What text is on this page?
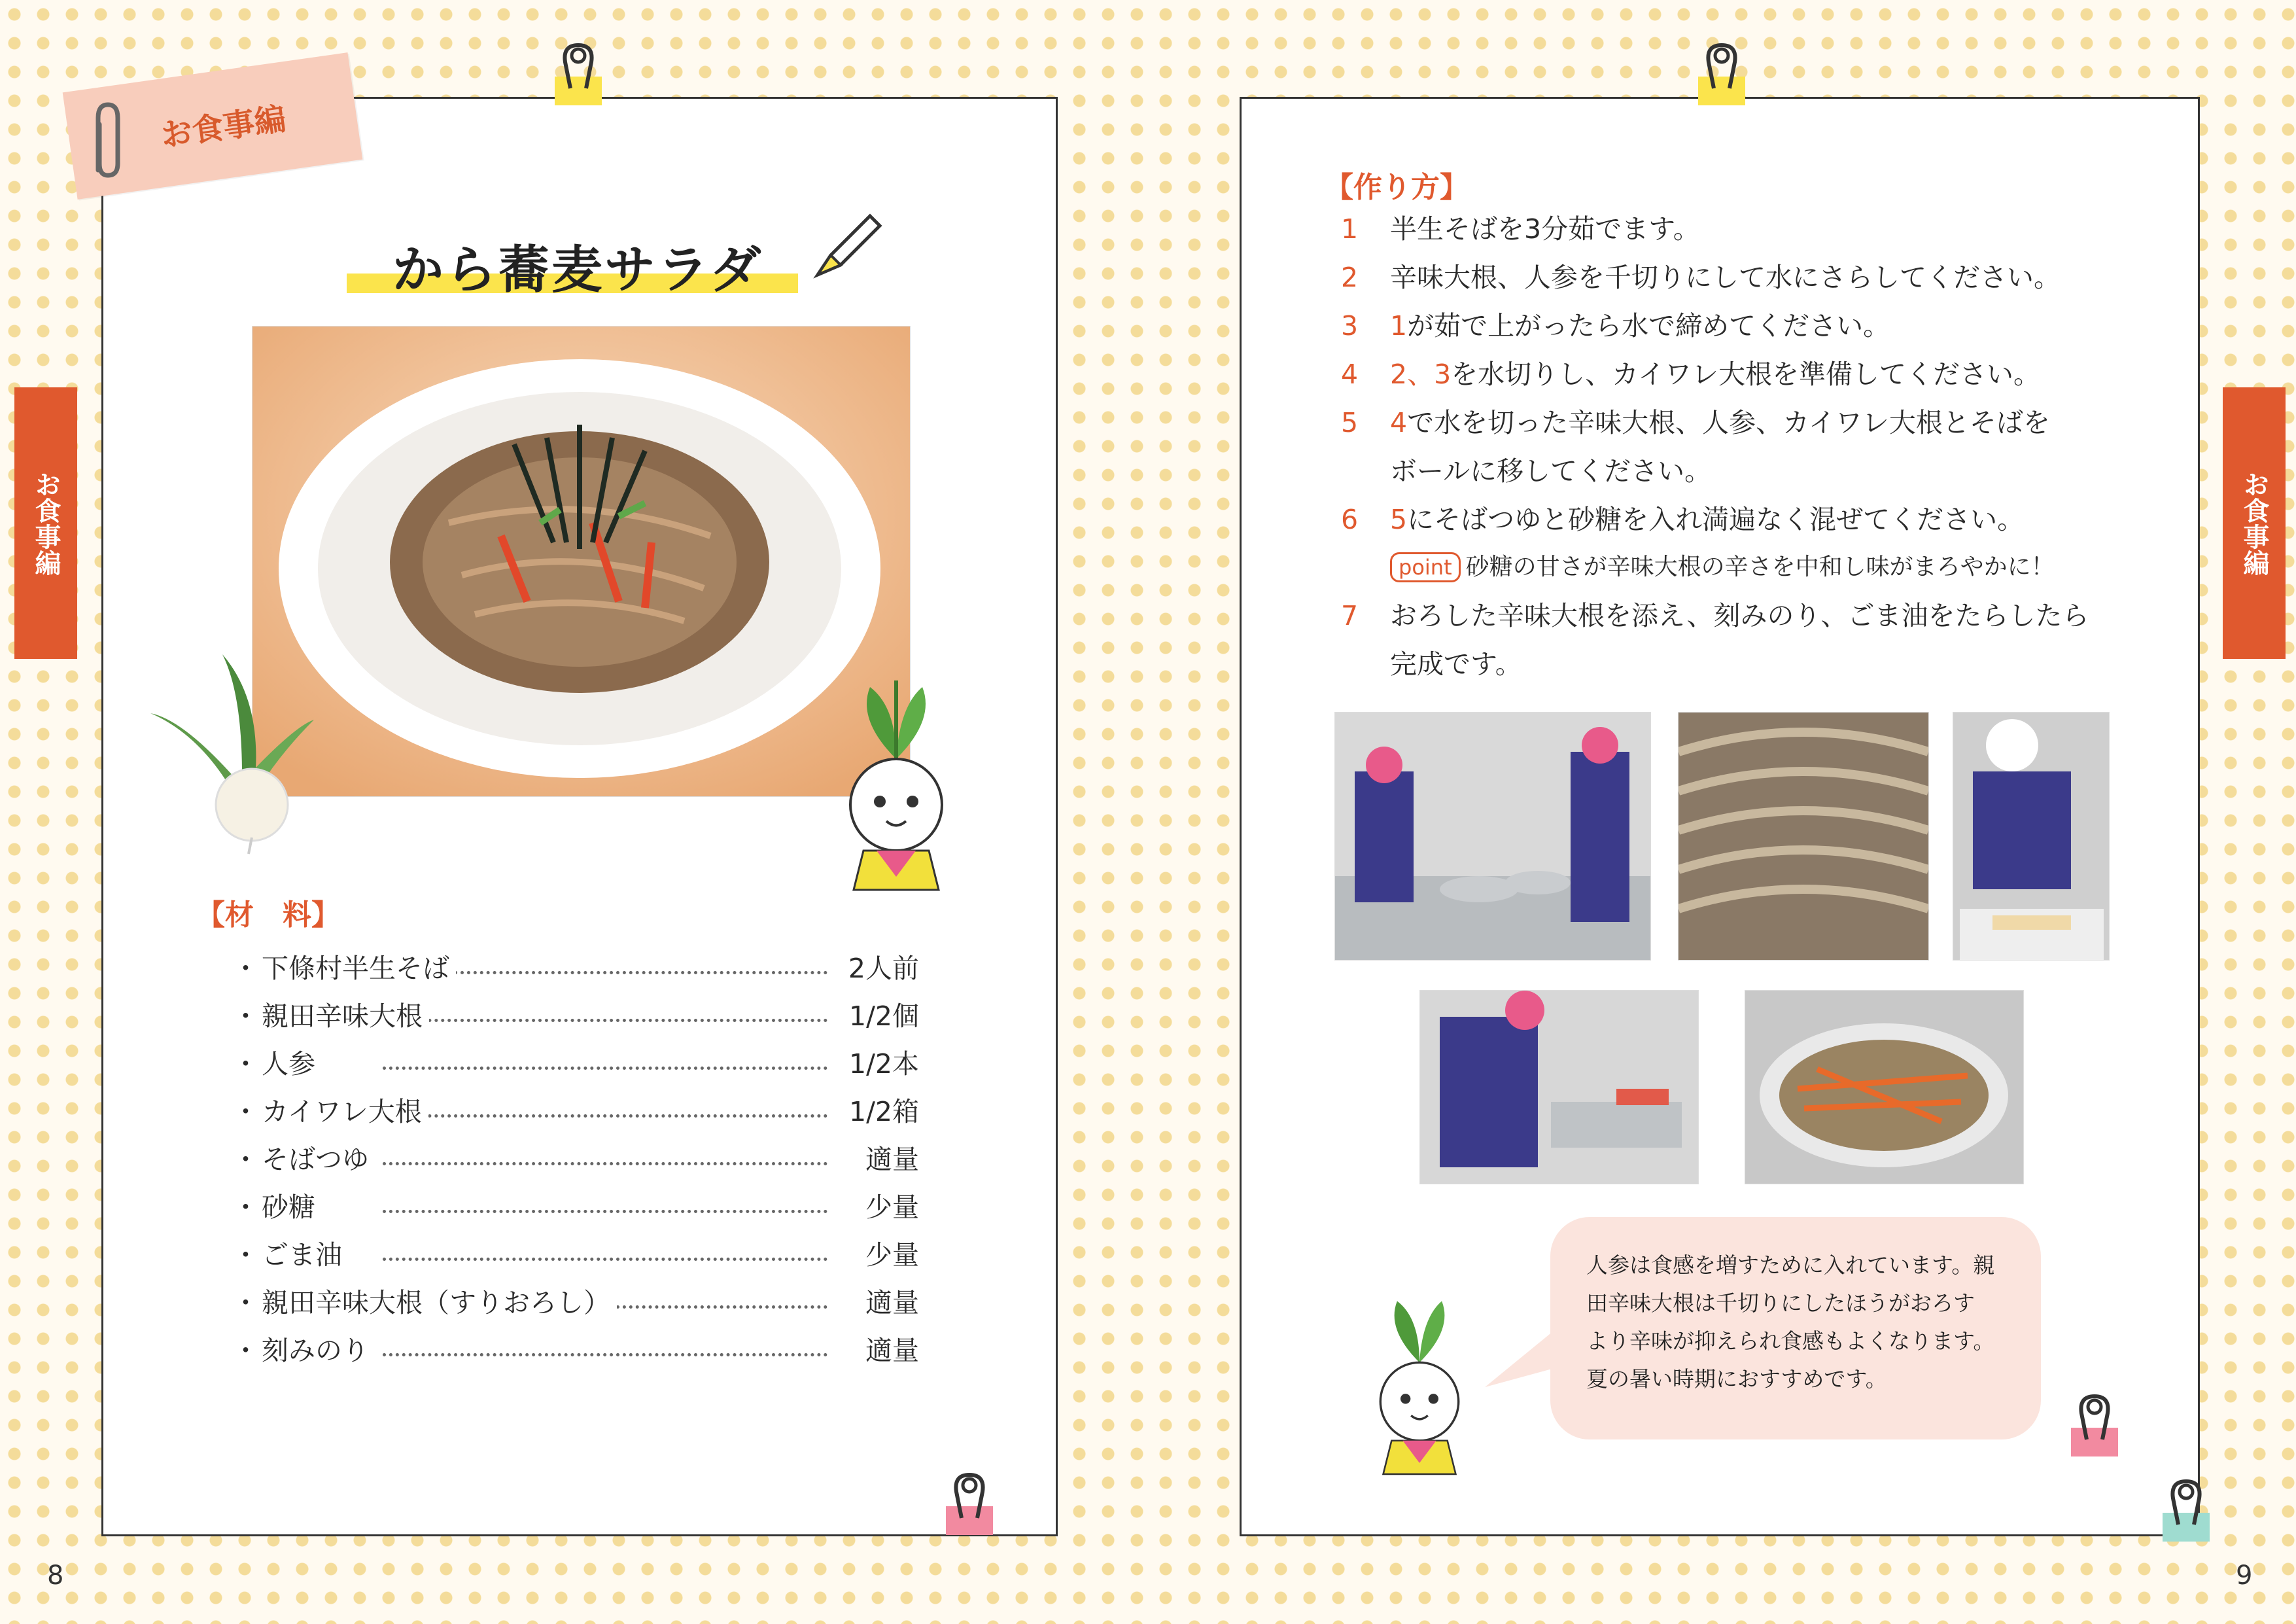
お食事編	お食事編
お食事編
から蕎麦サラダ
【材　料】
・ 下條村半生そば	2人前
・ 親田辛味大根	1/2個
・ 人参	1/2本
・ カイワレ大根	1/2箱
・ そばつゆ	適量
・ 砂糖	少量
・ ごま油	少量
・ 親田辛味大根（すりおろし）	適量
・ 刻みのり	適量
8
【作り方】
1	半生そばを3分茹でます。
2	辛味大根、人参を千切りにして水にさらしてください。
3	1が茹で上がったら水で締めてください。
4	2、3を水切りし、カイワレ大根を準備してください。
5	4で水を切った辛味大根、人参、カイワレ大根とそばを
ボールに移してください。
6	5にそばつゆと砂糖を入れ満遍なく混ぜてください。
point 砂糖の甘さが辛味大根の辛さを中和し味がまろやかに！
7	おろした辛味大根を添え、刻みのり、ごま油をたらしたら
完成です。
人参は食感を増すために入れています。親
田辛味大根は千切りにしたほうがおろす
より辛味が抑えられ食感もよくなります。
夏の暑い時期におすすめです。
9
